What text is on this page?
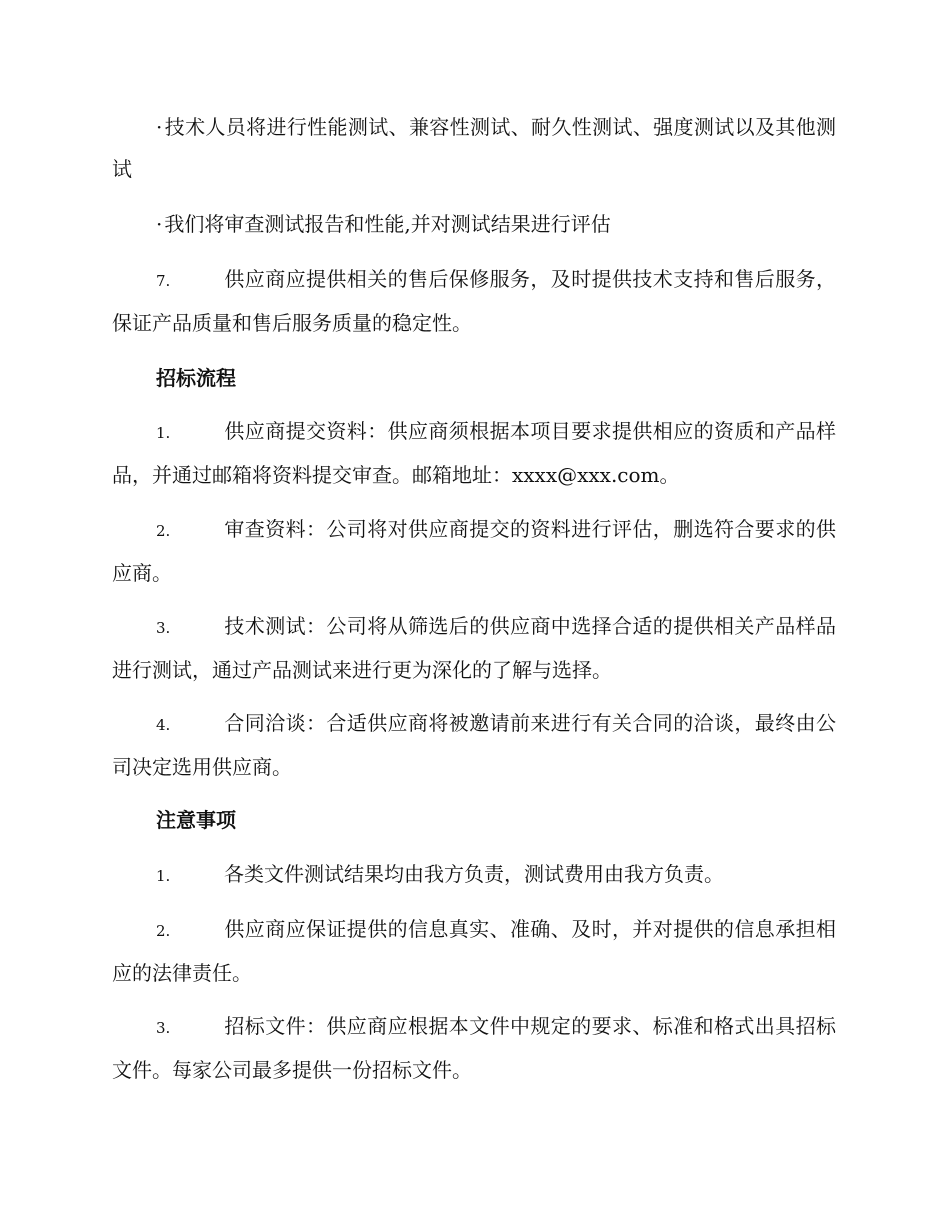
· 技术人员将进行性能测试、兼容性测试、耐久性测试、强度测试以及其他测试
· 我们将审查测试报告和性能,并对测试结果进行评估
7.	供应商应提供相关的售后保修服务，及时提供技术支持和售后服务，保证产品质量和售后服务质量的稳定性。
招标流程
1.	供应商提交资料：供应商须根据本项目要求提供相应的资质和产品样品，并通过邮箱将资料提交审查。邮箱地址：xxxx@xxx.com。
2.	审查资料：公司将对供应商提交的资料进行评估，删选符合要求的供应商。
3.	技术测试：公司将从筛选后的供应商中选择合适的提供相关产品样品进行测试，通过产品测试来进行更为深化的了解与选择。
4.	合同洽谈：合适供应商将被邀请前来进行有关合同的洽谈，最终由公司决定选用供应商。
注意事项
1.	各类文件测试结果均由我方负责，测试费用由我方负责。
2.	供应商应保证提供的信息真实、准确、及时，并对提供的信息承担相应的法律责任。
3.	招标文件：供应商应根据本文件中规定的要求、标准和格式出具招标文件。每家公司最多提供一份招标文件。
